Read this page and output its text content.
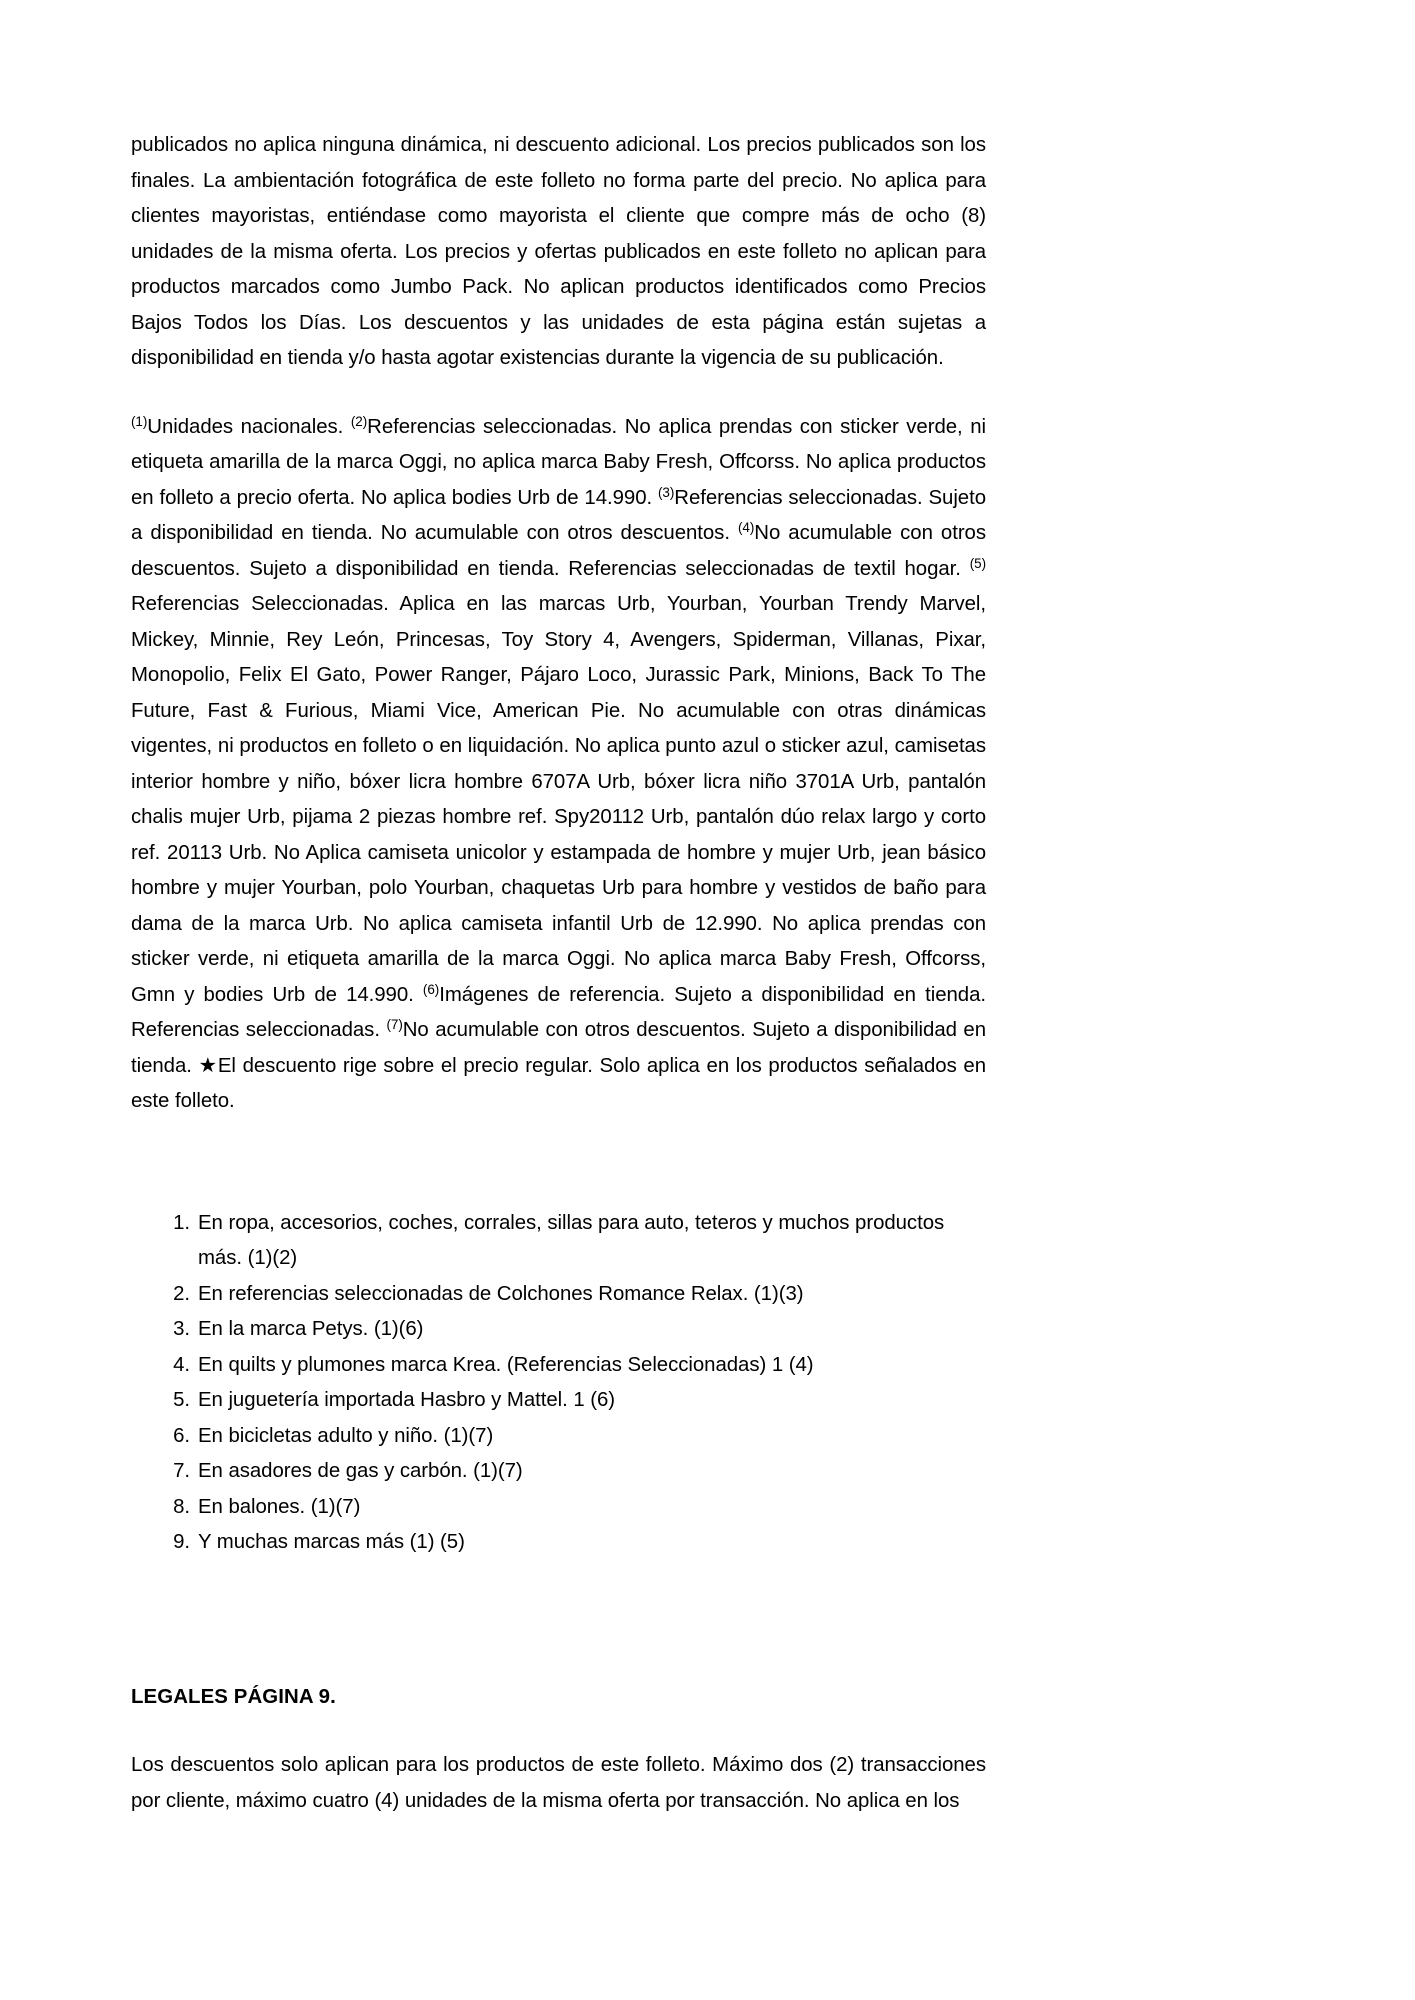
publicados no aplica ninguna dinámica, ni descuento adicional. Los precios publicados son los finales. La ambientación fotográfica de este folleto no forma parte del precio. No aplica para clientes mayoristas, entiéndase como mayorista el cliente que compre más de ocho (8) unidades de la misma oferta. Los precios y ofertas publicados en este folleto no aplican para productos marcados como Jumbo Pack. No aplican productos identificados como Precios Bajos Todos los Días. Los descuentos y las unidades de esta página están sujetas a disponibilidad en tienda y/o hasta agotar existencias durante la vigencia de su publicación.

$^{(1)}$Unidades nacionales. $^{(2)}$Referencias seleccionadas. No aplica prendas con sticker verde, ni etiqueta amarilla de la marca Oggi, no aplica marca Baby Fresh, Offcorss. No aplica productos en folleto a precio oferta. No aplica bodies Urb de 14.990. $^{(3)}$Referencias seleccionadas. Sujeto a disponibilidad en tienda. No acumulable con otros descuentos. $^{(4)}$No acumulable con otros descuentos. Sujeto a disponibilidad en tienda. Referencias seleccionadas de textil hogar. $^{(5)}$ Referencias Seleccionadas. Aplica en las marcas Urb, Yourban, Yourban Trendy Marvel, Mickey, Minnie, Rey León, Princesas, Toy Story 4, Avengers, Spiderman, Villanas, Pixar, Monopolio, Felix El Gato, Power Ranger, Pájaro Loco, Jurassic Park, Minions, Back To The Future, Fast & Furious, Miami Vice, American Pie. No acumulable con otras dinámicas vigentes, ni productos en folleto o en liquidación. No aplica punto azul o sticker azul, camisetas interior hombre y niño, bóxer licra hombre 6707A Urb, bóxer licra niño 3701A Urb, pantalón chalis mujer Urb, pijama 2 piezas hombre ref. Spy20112 Urb, pantalón dúo relax largo y corto ref. 20113 Urb. No Aplica camiseta unicolor y estampada de hombre y mujer Urb, jean básico hombre y mujer Yourban, polo Yourban, chaquetas Urb para hombre y vestidos de baño para dama de la marca Urb. No aplica camiseta infantil Urb de 12.990. No aplica prendas con sticker verde, ni etiqueta amarilla de la marca Oggi. No aplica marca Baby Fresh, Offcorss, Gmn y bodies Urb de 14.990. $^{(6)}$Imágenes de referencia. Sujeto a disponibilidad en tienda. Referencias seleccionadas. $^{(7)}$No acumulable con otros descuentos. Sujeto a disponibilidad en tienda. ★El descuento rige sobre el precio regular. Solo aplica en los productos señalados en este folleto.

En ropa, accesorios, coches, corrales, sillas para auto, teteros y muchos productos más. (1)(2)
En referencias seleccionadas de Colchones Romance Relax. (1)(3)
En la marca Petys. (1)(6)
En quilts y plumones marca Krea. (Referencias Seleccionadas) 1 (4)
En juguetería importada Hasbro y Mattel. 1 (6)
En bicicletas adulto y niño. (1)(7)
En asadores de gas y carbón. (1)(7)
En balones. (1)(7)
Y muchas marcas más (1) (5)
LEGALES PÁGINA 9.

Los descuentos solo aplican para los productos de este folleto. Máximo dos (2) transacciones por cliente, máximo cuatro (4) unidades de la misma oferta por transacción. No aplica en los
